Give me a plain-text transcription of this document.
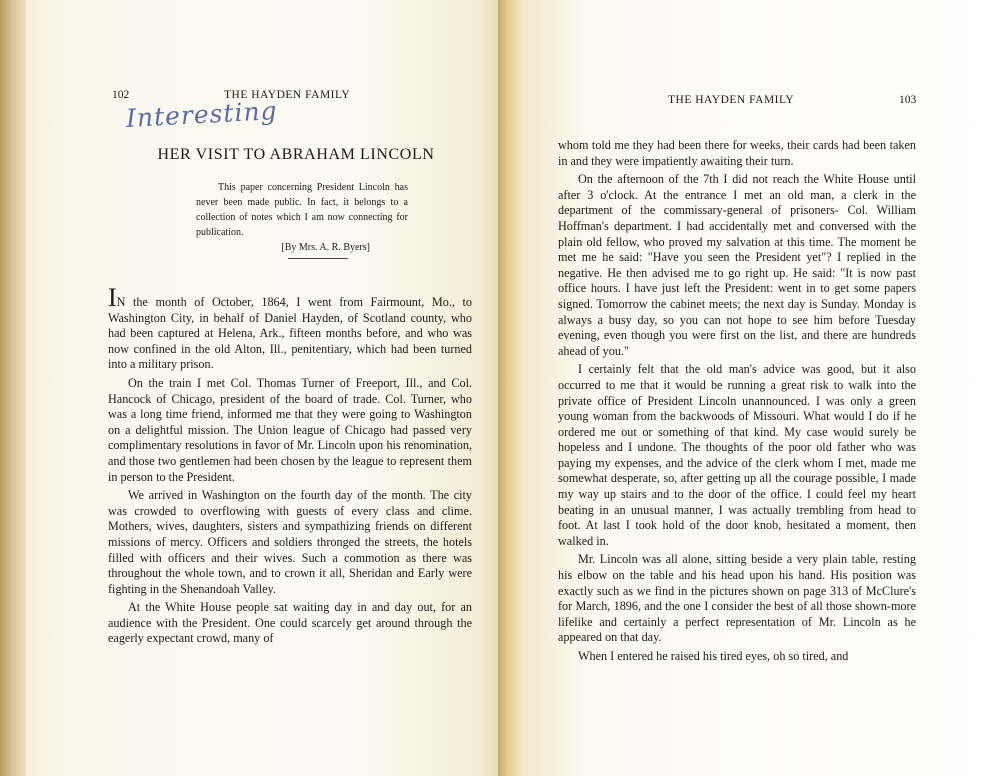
102	THE HAYDEN FAMILY
Interesting
HER VISIT TO ABRAHAM LINCOLN
This paper concerning President Lincoln has never been made public. In fact, it belongs to a collection of notes which I am now connecting for publication.
[By Mrs. A. R. Byers]

IN the month of October, 1864, I went from Fairmount, Mo., to Washington City, in behalf of Daniel Hayden, of Scotland county, who had been captured at Helena, Ark., fifteen months before, and who was now confined in the old Alton, Ill., penitentiary, which had been turned into a military prison.

On the train I met Col. Thomas Turner of Freeport, Ill., and Col. Hancock of Chicago, president of the board of trade. Col. Turner, who was a long time friend, informed me that they were going to Washington on a delightful mission. The Union league of Chicago had passed very complimentary resolutions in favor of Mr. Lincoln upon his renomination, and those two gentlemen had been chosen by the league to represent them in person to the President.

We arrived in Washington on the fourth day of the month. The city was crowded to overflowing with guests of every class and clime. Mothers, wives, daughters, sisters and sympathizing friends on different missions of mercy. Officers and soldiers thronged the streets, the hotels filled with officers and their wives. Such a commotion as there was throughout the whole town, and to crown it all, Sheridan and Early were fighting in the Shenandoah Valley.

At the White House people sat waiting day in and day out, for an audience with the President. One could scarcely get around through the eagerly expectant crowd, many of

THE HAYDEN FAMILY	103

whom told me they had been there for weeks, their cards had been taken in and they were impatiently awaiting their turn.

On the afternoon of the 7th I did not reach the White House until after 3 o'clock. At the entrance I met an old man, a clerk in the department of the commissary-general of prisoners- Col. William Hoffman's department. I had accidentally met and conversed with the plain old fellow, who proved my salvation at this time. The moment he met me he said: "Have you seen the President yet"? I replied in the negative. He then advised me to go right up. He said: "It is now past office hours. I have just left the President: went in to get some papers signed. Tomorrow the cabinet meets; the next day is Sunday. Monday is always a busy day, so you can not hope to see him before Tuesday evening, even though you were first on the list, and there are hundreds ahead of you."

I certainly felt that the old man's advice was good, but it also occurred to me that it would be running a great risk to walk into the private office of President Lincoln unannounced. I was only a green young woman from the backwoods of Missouri. What would I do if he ordered me out or something of that kind. My case would surely be hopeless and I undone. The thoughts of the poor old father who was paying my expenses, and the advice of the clerk whom I met, made me somewhat desperate, so, after getting up all the courage possible, I made my way up stairs and to the door of the office. I could feel my heart beating in an unusual manner, I was actually trembling from head to foot. At last I took hold of the door knob, hesitated a moment, then walked in.

Mr. Lincoln was all alone, sitting beside a very plain table, resting his elbow on the table and his head upon his hand. His position was exactly such as we find in the pictures shown on page 313 of McClure's for March, 1896, and the one I consider the best of all those shown-more lifelike and certainly a perfect representation of Mr. Lincoln as he appeared on that day.

When I entered he raised his tired eyes, oh so tired, and
